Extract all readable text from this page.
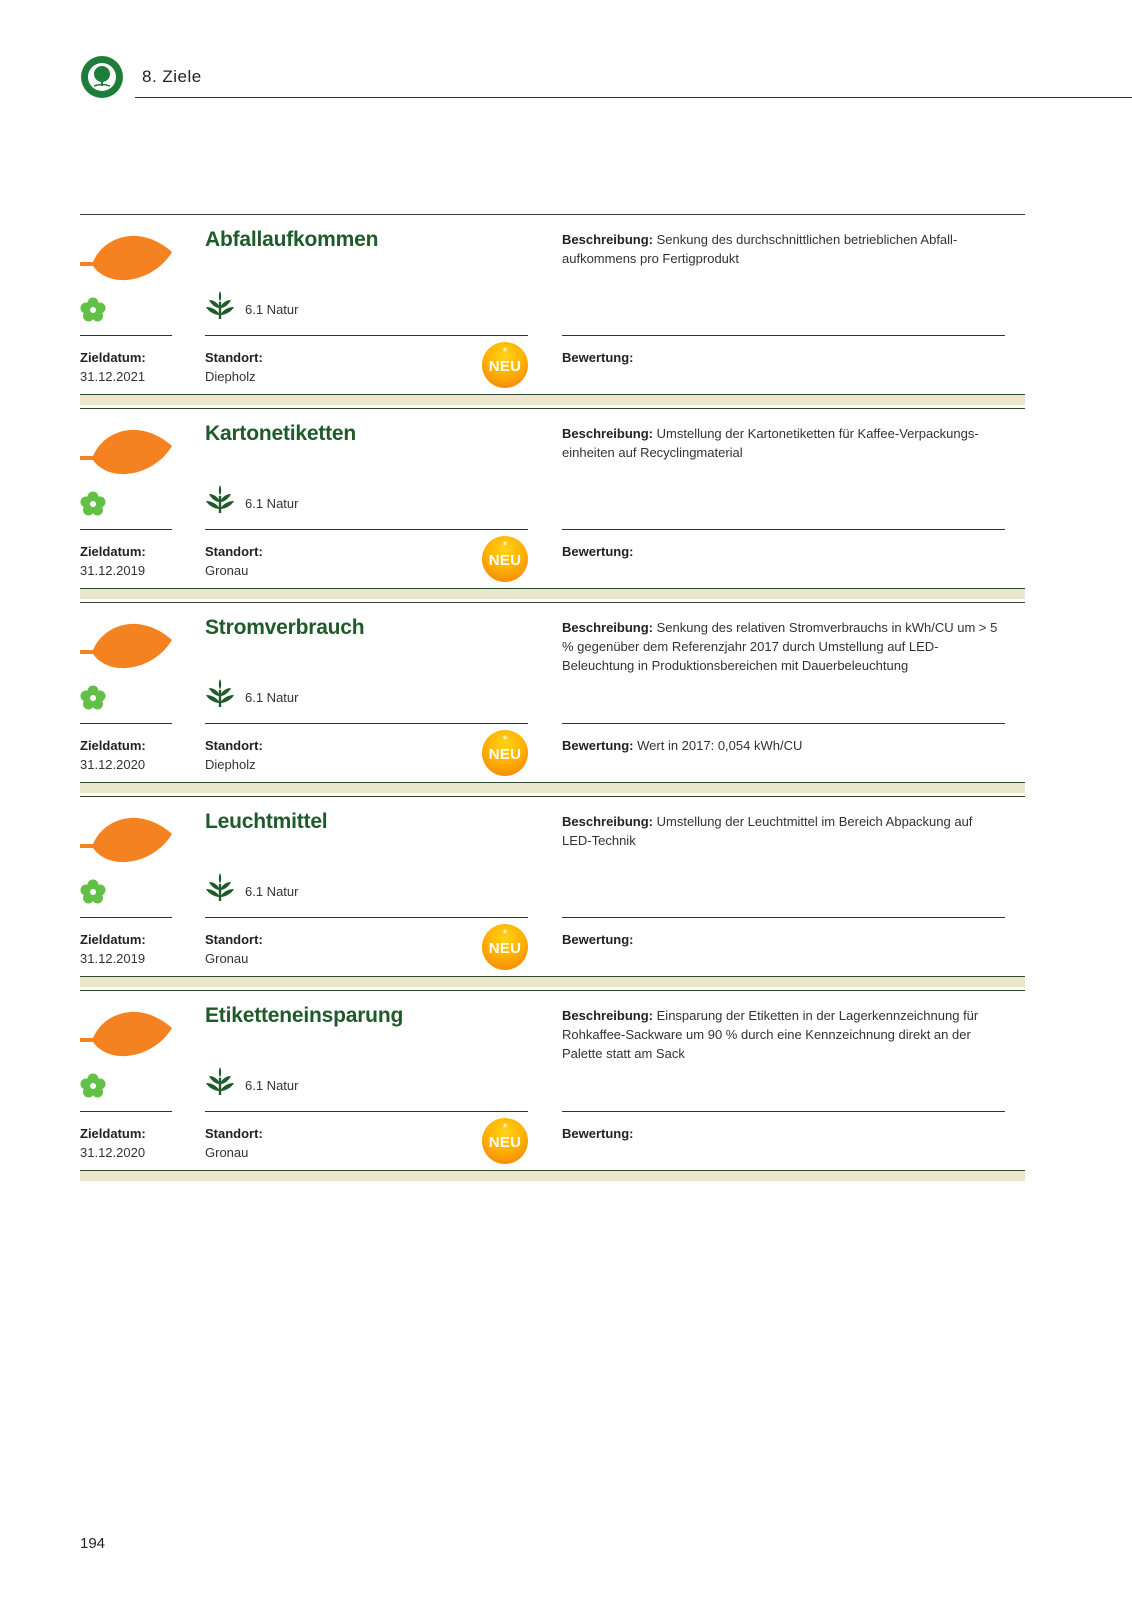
8. Ziele
Abfallaufkommen
6.1 Natur
Zieldatum:
31.12.2021
Standort:
Diepholz
*
NEU
Beschreibung: Senkung des durchschnittlichen betrieblichen Abfall-aufkommens pro Fertigprodukt
Bewertung:
Kartonetiketten
6.1 Natur
Zieldatum:
31.12.2019
Standort:
Gronau
*
NEU
Beschreibung: Umstellung der Kartonetiketten für Kaffee-Verpackungs-einheiten auf Recyclingmaterial
Bewertung:
Stromverbrauch
6.1 Natur
Zieldatum:
31.12.2020
Standort:
Diepholz
*
NEU
Beschreibung: Senkung des relativen Stromverbrauchs in kWh/CU um > 5 % gegenüber dem Referenzjahr 2017 durch Umstellung auf LED-Beleuchtung in Produktionsbereichen mit Dauerbeleuchtung
Bewertung: Wert in 2017: 0,054 kWh/CU
Leuchtmittel
6.1 Natur
Zieldatum:
31.12.2019
Standort:
Gronau
*
NEU
Beschreibung: Umstellung der Leuchtmittel im Bereich Abpackung auf LED-Technik
Bewertung:
Etiketteneinsparung
6.1 Natur
Zieldatum:
31.12.2020
Standort:
Gronau
*
NEU
Beschreibung: Einsparung der Etiketten in der Lagerkennzeichnung für Rohkaffee-Sackware um 90 % durch eine Kennzeichnung direkt an der Palette statt am Sack
Bewertung:
194
